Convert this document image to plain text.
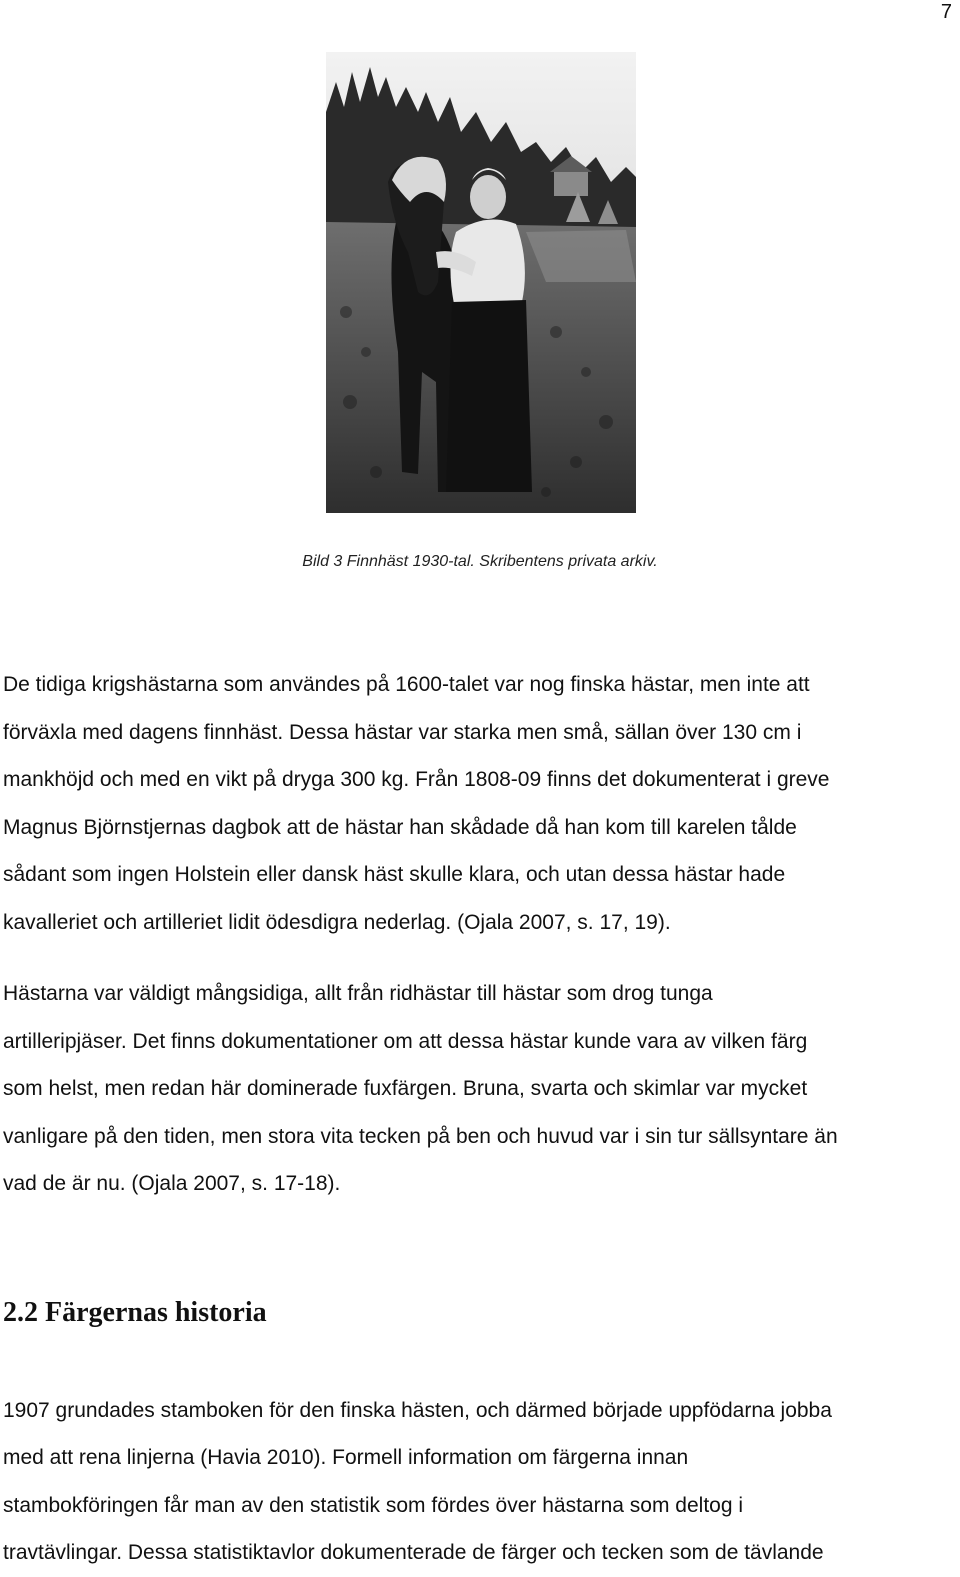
7
Bild 3 Finnhäst 1930-tal. Skribentens privata arkiv.

De tidiga krigshästarna som användes på 1600-talet var nog finska hästar, men inte att
förväxla med dagens finnhäst. Dessa hästar var starka men små, sällan över 130 cm i
mankhöjd och med en vikt på dryga 300 kg. Från 1808-09 finns det dokumenterat i greve
Magnus Björnstjernas dagbok att de hästar han skådade då han kom till karelen tålde
sådant som ingen Holstein eller dansk häst skulle klara, och utan dessa hästar hade
kavalleriet och artilleriet lidit ödesdigra nederlag. (Ojala 2007, s. 17, 19).

Hästarna var väldigt mångsidiga, allt från ridhästar till hästar som drog tunga
artilleripjäser. Det finns dokumentationer om att dessa hästar kunde vara av vilken färg
som helst, men redan här dominerade fuxfärgen. Bruna, svarta och skimlar var mycket
vanligare på den tiden, men stora vita tecken på ben och huvud var i sin tur sällsyntare än
vad de är nu. (Ojala 2007, s. 17-18).

2.2 Färgernas historia

1907 grundades stamboken för den finska hästen, och därmed började uppfödarna jobba
med att rena linjerna (Havia 2010). Formell information om färgerna innan
stambokföringen får man av den statistik som fördes över hästarna som deltog i
travtävlingar. Dessa statistiktavlor dokumenterade de färger och tecken som de tävlande
